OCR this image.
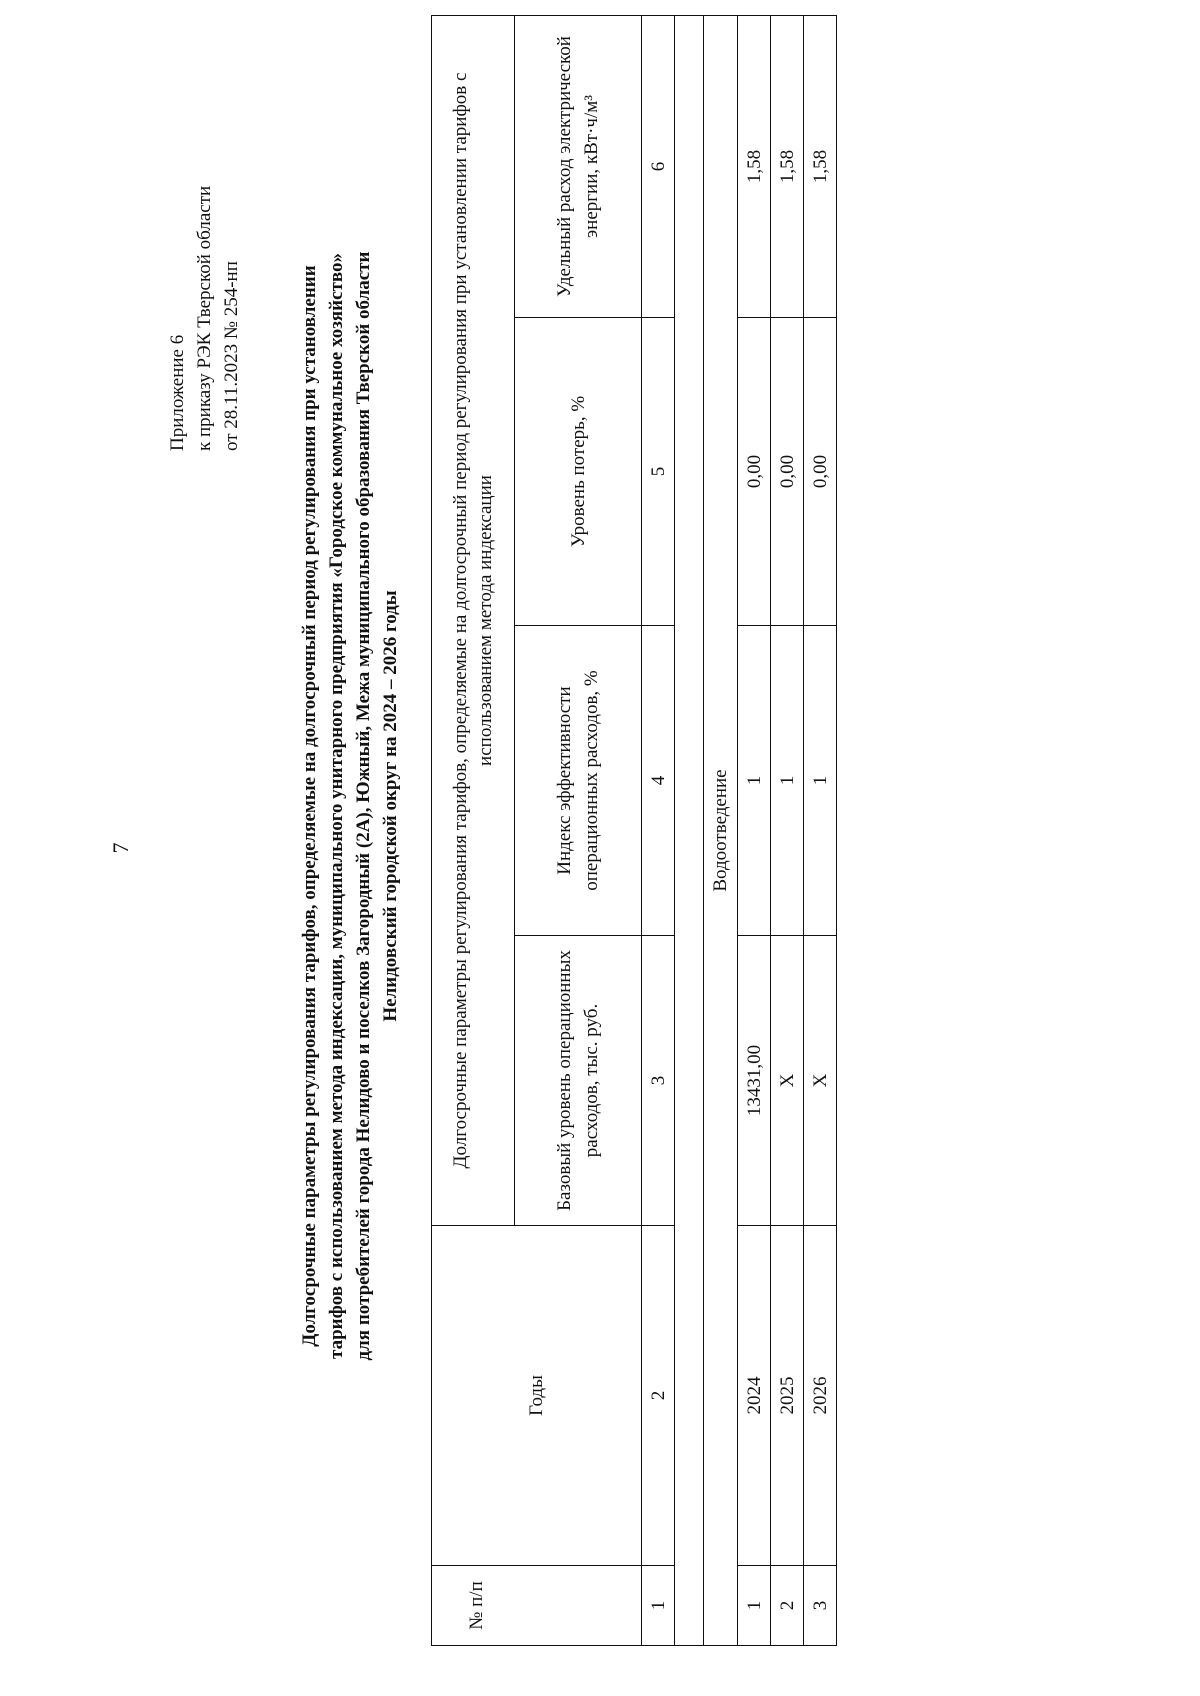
7
Приложение 6 к приказу РЭК Тверской области от 28.11.2023 № 254-нп	Долгосрочные параметры регулирования тарифов, определяемые на долгосрочный период регулирования при установлении тарифов с использованием метода индексации, муниципального унитарного предприятия «Городское коммунальное хозяйство» для потребителей города Нелидово и поселков Загородный (2А), Южный, Межа муниципального образования Тверской области Нелидовский городской округ на 2024 – 2026 годы
№ п/п	Годы	Долгосрочные параметры регулирования тарифов, определяемые на долгосрочный период регулирования при установлении тарифов с использованием метода индексации			
		Базовый уровень операционных расходов, тыс. руб.	Индекс эффективности операционных расходов, %	Уровень потерь, %	Удельный расход электрической энергии, кВт·ч/м³
1	2	3	4	5	6

Водоотведение					
1	2024	13431,00	1	0,00	1,58
2	2025	X	1	0,00	1,58
3	2026	X	1	0,00	1,58
